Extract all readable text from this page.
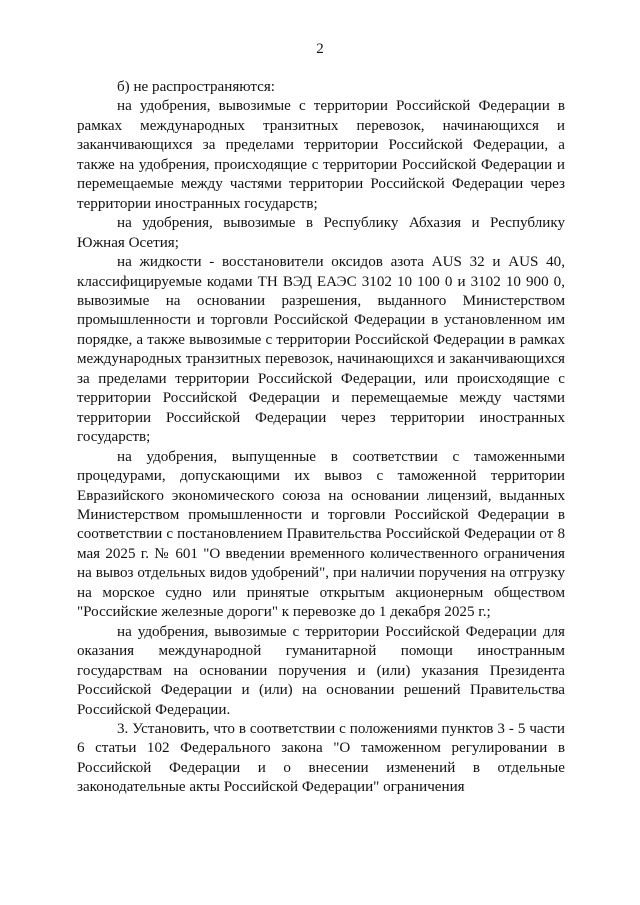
2

б) не распространяются:

на удобрения, вывозимые с территории Российской Федерации в рамках международных транзитных перевозок, начинающихся и заканчивающихся за пределами территории Российской Федерации, а также на удобрения, происходящие с территории Российской Федерации и перемещаемые между частями территории Российской Федерации через территории иностранных государств;

на удобрения, вывозимые в Республику Абхазия и Республику Южная Осетия;

на жидкости - восстановители оксидов азота AUS 32 и AUS 40, классифицируемые кодами ТН ВЭД ЕАЭС 3102 10 100 0 и 3102 10 900 0, вывозимые на основании разрешения, выданного Министерством промышленности и торговли Российской Федерации в установленном им порядке, а также вывозимые с территории Российской Федерации в рамках международных транзитных перевозок, начинающихся и заканчивающихся за пределами территории Российской Федерации, или происходящие с территории Российской Федерации и перемещаемые между частями территории Российской Федерации через территории иностранных государств;

на удобрения, выпущенные в соответствии с таможенными процедурами, допускающими их вывоз с таможенной территории Евразийского экономического союза на основании лицензий, выданных Министерством промышленности и торговли Российской Федерации в соответствии с постановлением Правительства Российской Федерации от 8 мая 2025 г. № 601 "О введении временного количественного ограничения на вывоз отдельных видов удобрений", при наличии поручения на отгрузку на морское судно или принятые открытым акционерным обществом "Российские железные дороги" к перевозке до 1 декабря 2025 г.;

на удобрения, вывозимые с территории Российской Федерации для оказания международной гуманитарной помощи иностранным государствам на основании поручения и (или) указания Президента Российской Федерации и (или) на основании решений Правительства Российской Федерации.

3. Установить, что в соответствии с положениями пунктов 3 - 5 части 6 статьи 102 Федерального закона "О таможенном регулировании в Российской Федерации и о внесении изменений в отдельные законодательные акты Российской Федерации" ограничения
